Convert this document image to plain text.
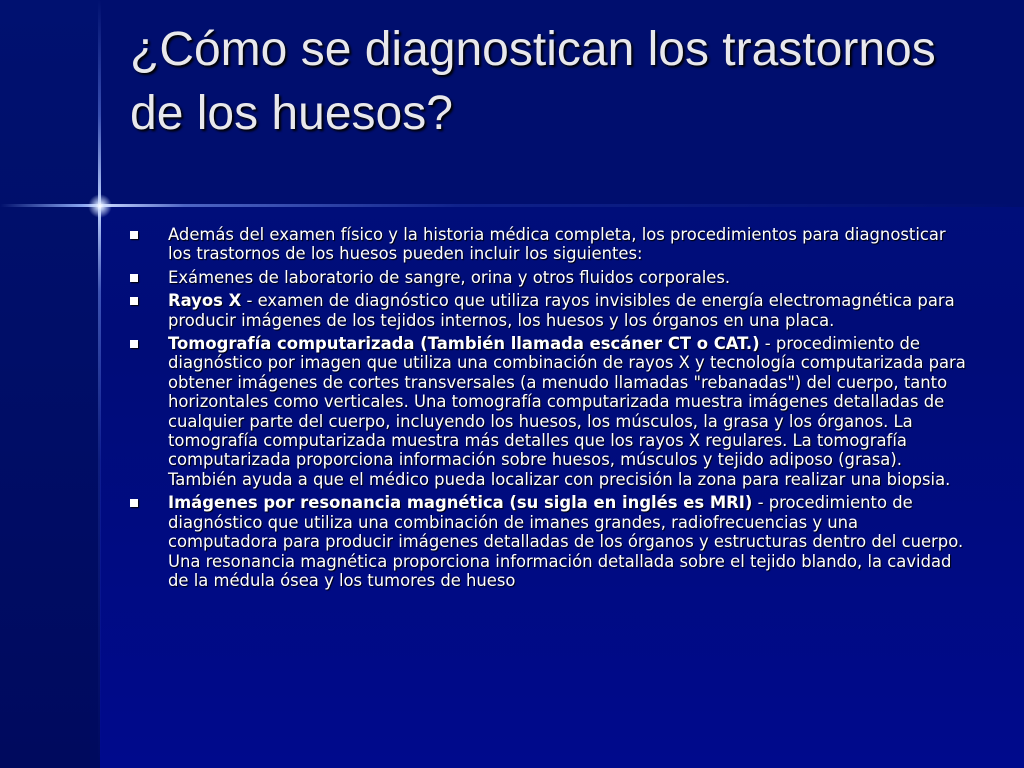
¿Cómo se diagnostican los trastornos de los huesos?
Además del examen físico y la historia médica completa, los procedimientos para diagnosticar los trastornos de los huesos pueden incluir los siguientes:
Exámenes de laboratorio de sangre, orina y otros fluidos corporales.
Rayos X - examen de diagnóstico que utiliza rayos invisibles de energía electromagnética para producir imágenes de los tejidos internos, los huesos y los órganos en una placa.
Tomografía computarizada (También llamada escáner CT o CAT.) - procedimiento de diagnóstico por imagen que utiliza una combinación de rayos X y tecnología computarizada para obtener imágenes de cortes transversales (a menudo llamadas "rebanadas") del cuerpo, tanto horizontales como verticales. Una tomografía computarizada muestra imágenes detalladas de cualquier parte del cuerpo, incluyendo los huesos, los músculos, la grasa y los órganos. La tomografía computarizada muestra más detalles que los rayos X regulares. La tomografía computarizada proporciona información sobre huesos, músculos y tejido adiposo (grasa). También ayuda a que el médico pueda localizar con precisión la zona para realizar una biopsia.
Imágenes por resonancia magnética (su sigla en inglés es MRI) - procedimiento de diagnóstico que utiliza una combinación de imanes grandes, radiofrecuencias y una computadora para producir imágenes detalladas de los órganos y estructuras dentro del cuerpo. Una resonancia magnética proporciona información detallada sobre el tejido blando, la cavidad de la médula ósea y los tumores de hueso
